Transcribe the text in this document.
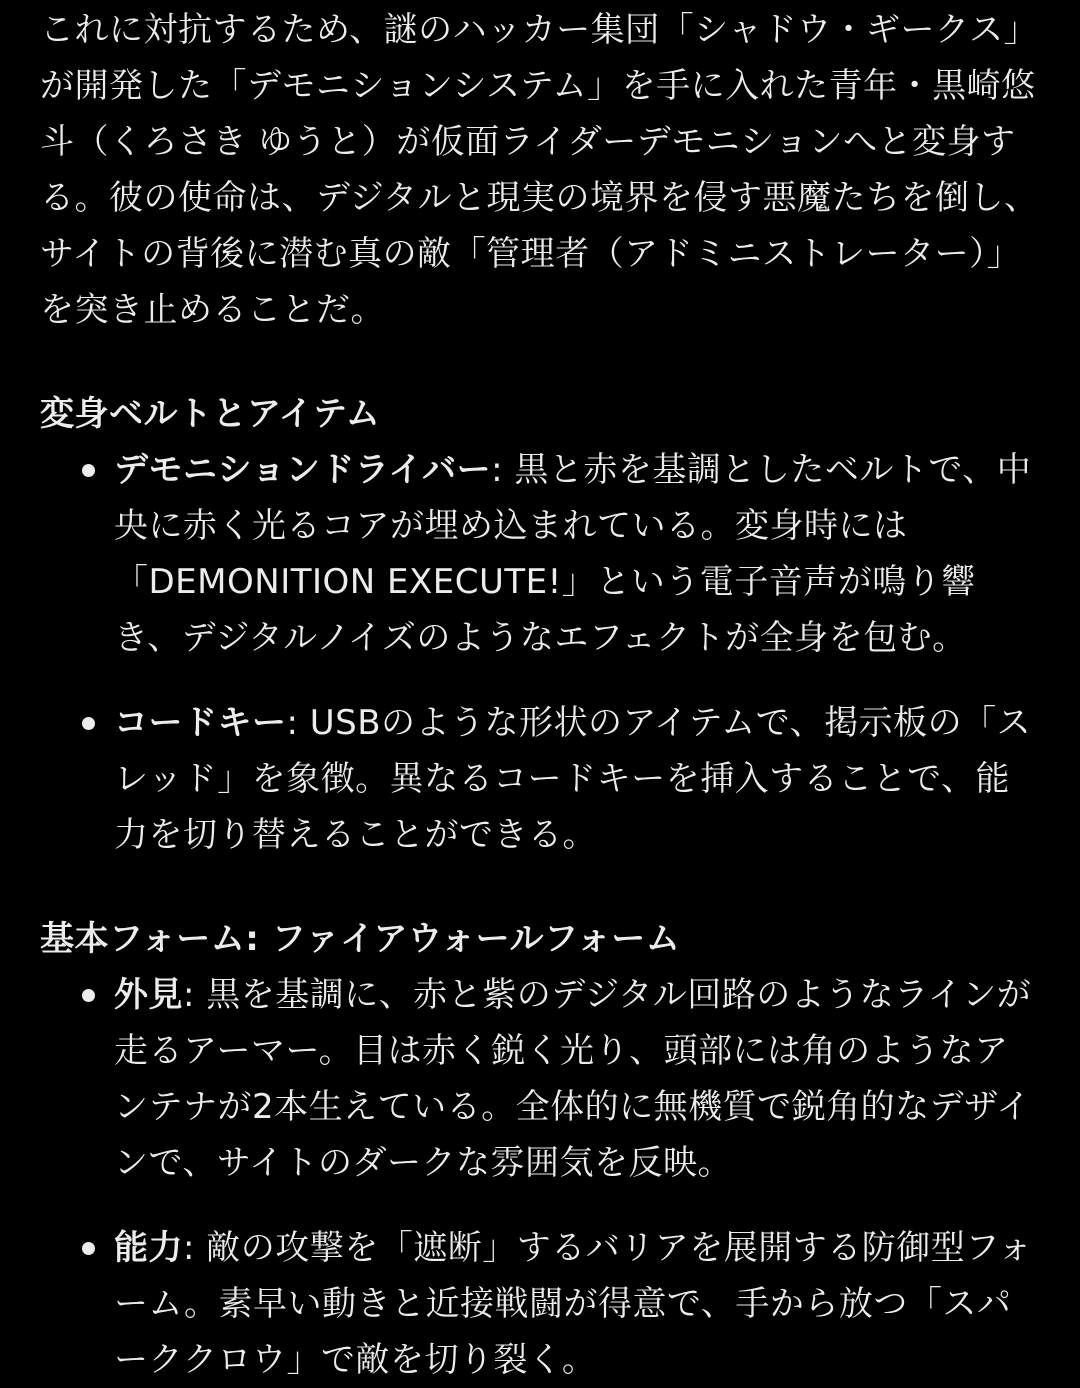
これに対抗するため、謎のハッカー集団「シャドウ・ギークス」が開発した「デモニションシステム」を手に入れた青年・黒崎悠斗（くろさき ゆうと）が仮面ライダーデモニションへと変身する。彼の使命は、デジタルと現実の境界を侵す悪魔たちを倒し、サイトの背後に潜む真の敵「管理者（アドミニストレーター）」を突き止めることだ。

変身ベルトとアイテム
デモニションドライバー: 黒と赤を基調としたベルトで、中央に赤く光るコアが埋め込まれている。変身時には「DEMONITION EXECUTE!」という電子音声が鳴り響き、デジタルノイズのようなエフェクトが全身を包む。
コードキー: USBのような形状のアイテムで、掲示板の「スレッド」を象徴。異なるコードキーを挿入することで、能力を切り替えることができる。
基本フォーム: ファイアウォールフォーム
外見: 黒を基調に、赤と紫のデジタル回路のようなラインが走るアーマー。目は赤く鋭く光り、頭部には角のようなアンテナが2本生えている。全体的に無機質で鋭角的なデザインで、サイトのダークな雰囲気を反映。
能力: 敵の攻撃を「遮断」するバリアを展開する防御型フォーム。素早い動きと近接戦闘が得意で、手から放つ「スパーククロウ」で敵を切り裂く。
